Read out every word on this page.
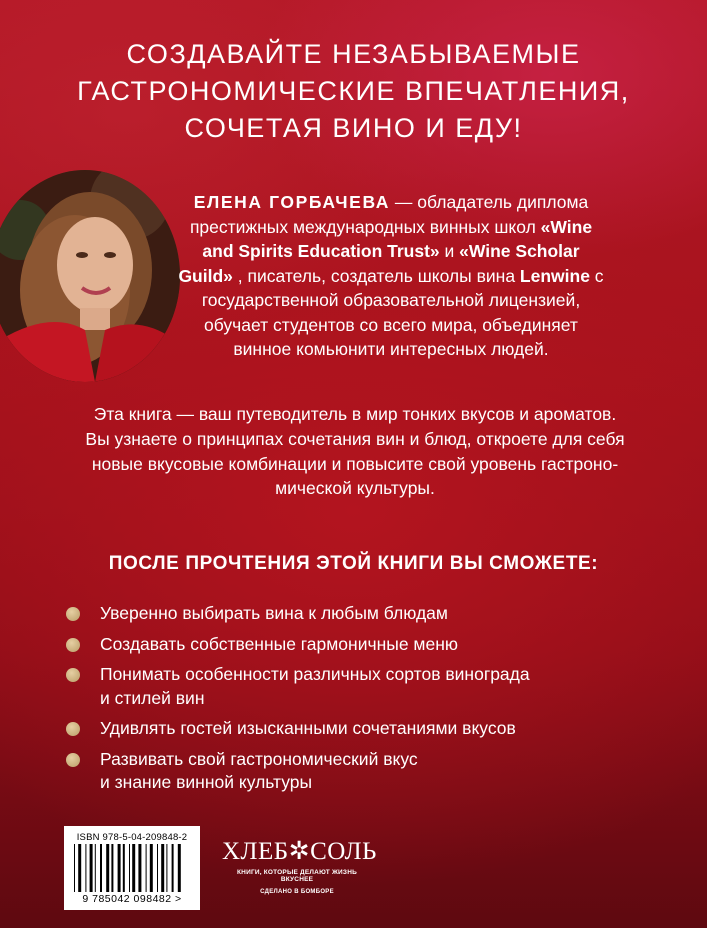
СОЗДАВАЙТЕ НЕЗАБЫВАЕМЫЕ
ГАСТРОНОМИЧЕСКИЕ ВПЕЧАТЛЕНИЯ,
СОЧЕТАЯ ВИНО И ЕДУ!
ЕЛЕНА ГОРБАЧЕВА — обладатель диплома престижных международных винных школ «Wine and Spirits Education Trust» и «Wine Scholar Guild» , писатель, создатель школы вина Lenwine с государственной образовательной лицензией, обучает студентов со всего мира, объединяет винное комьюнити интересных людей.
Эта книга — ваш путеводитель в мир тонких вкусов и ароматов.
Вы узнаете о принципах сочетания вин и блюд, откроете для себя
новые вкусовые комбинации и повысите свой уровень гастроно-
мической культуры.
ПОСЛЕ ПРОЧТЕНИЯ ЭТОЙ КНИГИ ВЫ СМОЖЕТЕ:
Уверенно выбирать вина к любым блюдам
Создавать собственные гармоничные меню
Понимать особенности различных сортов винограда
и стилей вин
Удивлять гостей изысканными сочетаниями вкусов
Развивать свой гастрономический вкус
и знание винной культуры
ISBN 978-5-04-209848-2
9 785042 098482 >
ХЛЕБ✲СОЛЬ
КНИГИ, КОТОРЫЕ ДЕЛАЮТ ЖИЗНЬ ВКУСНЕЕ
СДЕЛАНО В БОМБОРЕ
